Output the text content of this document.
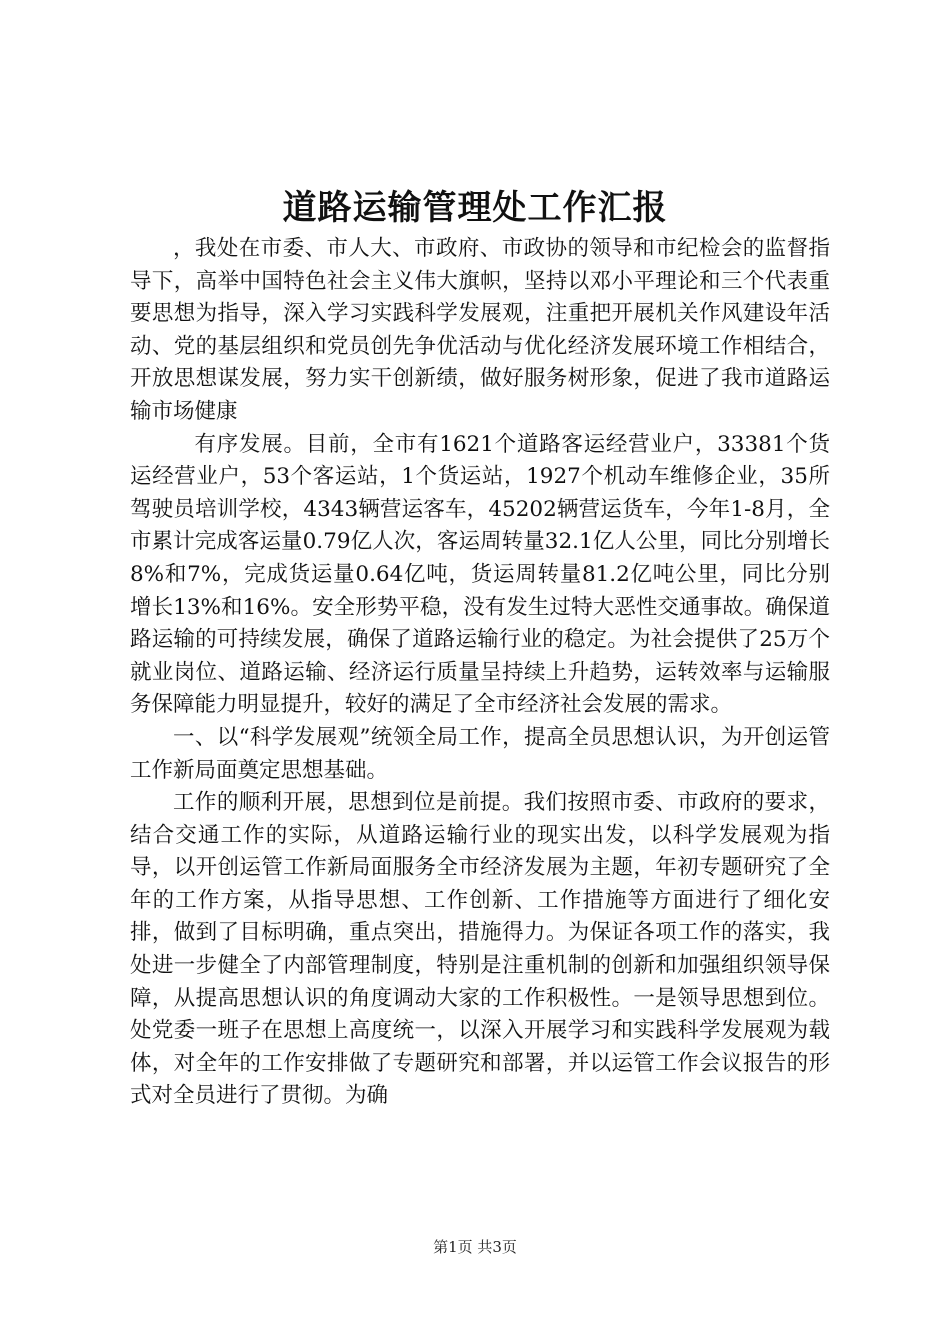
道路运输管理处工作汇报

，我处在市委、市人大、市政府、市政协的领导和市纪检会的监督指导下，高举中国特色社会主义伟大旗帜，坚持以邓小平理论和三个代表重要思想为指导，深入学习实践科学发展观，注重把开展机关作风建设年活动、党的基层组织和党员创先争优活动与优化经济发展环境工作相结合，开放思想谋发展，努力实干创新绩，做好服务树形象，促进了我市道路运输市场健康

有序发展。目前，全市有1621个道路客运经营业户，33381个货运经营业户，53个客运站，1个货运站，1927个机动车维修企业，35所驾驶员培训学校，4343辆营运客车，45202辆营运货车，今年1-8月，全市累计完成客运量0.79亿人次，客运周转量32.1亿人公里，同比分别增长8%和7%，完成货运量0.64亿吨，货运周转量81.2亿吨公里，同比分别增长13%和16%。安全形势平稳，没有发生过特大恶性交通事故。确保道路运输的可持续发展，确保了道路运输行业的稳定。为社会提供了25万个就业岗位、道路运输、经济运行质量呈持续上升趋势，运转效率与运输服务保障能力明显提升，较好的满足了全市经济社会发展的需求。

一、以“科学发展观”统领全局工作，提高全员思想认识，为开创运管工作新局面奠定思想基础。

工作的顺利开展，思想到位是前提。我们按照市委、市政府的要求，结合交通工作的实际，从道路运输行业的现实出发，以科学发展观为指导，以开创运管工作新局面服务全市经济发展为主题，年初专题研究了全年的工作方案，从指导思想、工作创新、工作措施等方面进行了细化安排，做到了目标明确，重点突出，措施得力。为保证各项工作的落实，我处进一步健全了内部管理制度，特别是注重机制的创新和加强组织领导保障，从提高思想认识的角度调动大家的工作积极性。一是领导思想到位。处党委一班子在思想上高度统一，以深入开展学习和实践科学发展观为载体，对全年的工作安排做了专题研究和部署，并以运管工作会议报告的形式对全员进行了贯彻。为确

第1页 共3页
